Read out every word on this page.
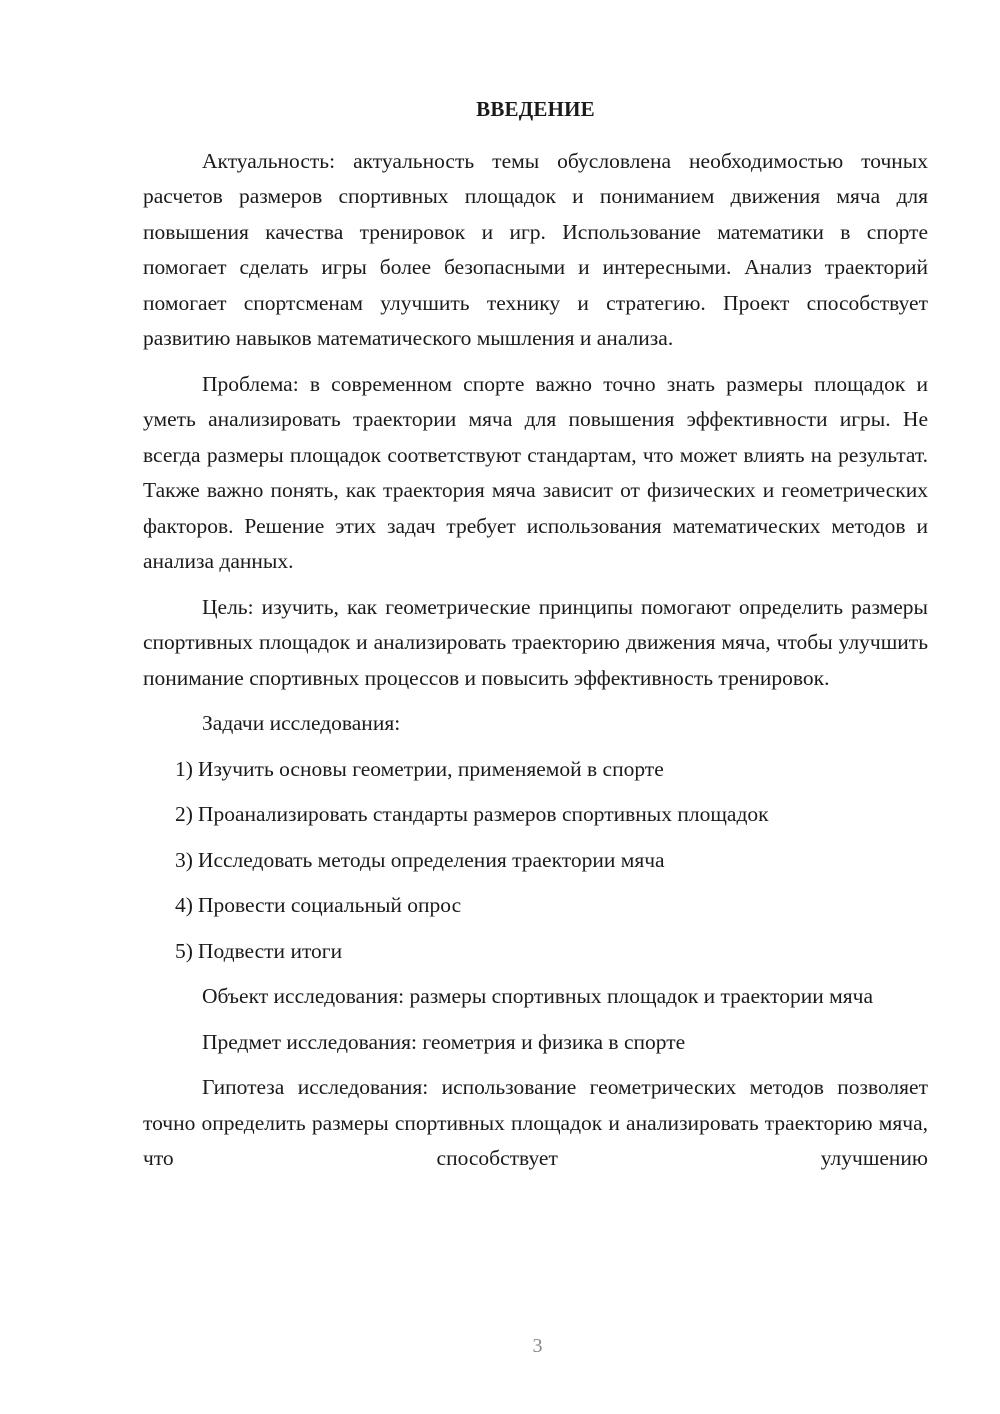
ВВЕДЕНИЕ

Актуальность: актуальность темы обусловлена необходимостью точных расчетов размеров спортивных площадок и пониманием движения мяча для повышения качества тренировок и игр. Использование математики в спорте помогает сделать игры более безопасными и интересными. Анализ траекторий помогает спортсменам улучшить технику и стратегию. Проект способствует развитию навыков математического мышления и анализа.

Проблема: в современном спорте важно точно знать размеры площадок и уметь анализировать траектории мяча для повышения эффективности игры. Не всегда размеры площадок соответствуют стандартам, что может влиять на результат. Также важно понять, как траектория мяча зависит от физических и геометрических факторов. Решение этих задач требует использования математических методов и анализа данных.

Цель: изучить, как геометрические принципы помогают определить размеры спортивных площадок и анализировать траекторию движения мяча, чтобы улучшить понимание спортивных процессов и повысить эффективность тренировок.

Задачи исследования:

1) Изучить основы геометрии, применяемой в спорте
2) Проанализировать стандарты размеров спортивных площадок
3) Исследовать методы определения траектории мяча
4) Провести социальный опрос
5) Подвести итоги

Объект исследования: размеры спортивных площадок и траектории мяча

Предмет исследования: геометрия и физика в спорте

Гипотеза исследования: использование геометрических методов позволяет точно определить размеры спортивных площадок и анализировать траекторию мяча, что способствует улучшению

3
